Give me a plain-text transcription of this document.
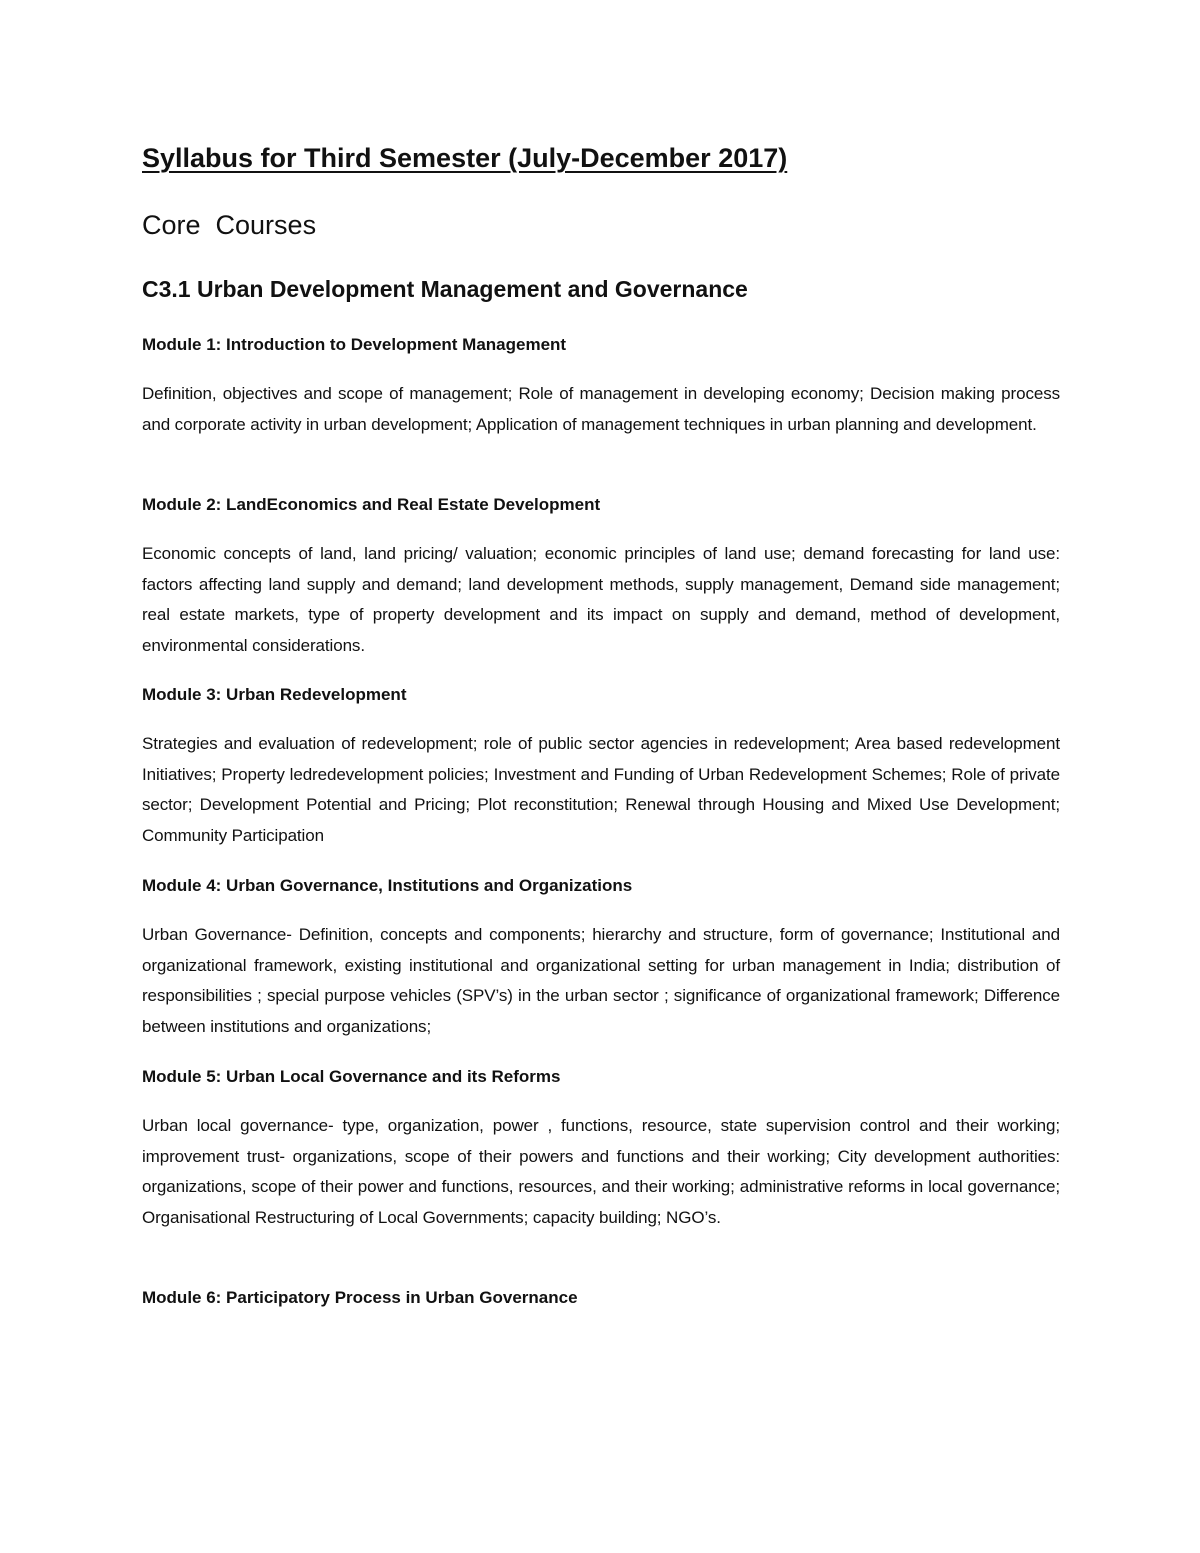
Syllabus for Third Semester (July-December 2017)
Core  Courses
C3.1 Urban Development Management and Governance
Module 1: Introduction to Development Management

Definition, objectives and scope of management; Role of management in developing economy; Decision making process and corporate activity in urban development; Application of management techniques in urban planning and development.

Module 2: LandEconomics and Real Estate Development

Economic concepts of land, land pricing/ valuation; economic principles of land use; demand forecasting for land use: factors affecting land supply and demand; land development methods, supply management, Demand side management; real estate markets, type of property development and its impact on supply and demand, method of development, environmental considerations.

Module 3: Urban Redevelopment

Strategies and evaluation of redevelopment; role of public sector agencies in redevelopment; Area based redevelopment Initiatives; Property ledredevelopment policies; Investment and Funding of Urban Redevelopment Schemes; Role of private sector; Development Potential and Pricing; Plot reconstitution; Renewal through Housing and Mixed Use Development; Community Participation

Module 4: Urban Governance, Institutions and Organizations

Urban Governance- Definition, concepts and components; hierarchy and structure, form of governance; Institutional and organizational framework, existing institutional and organizational setting for urban management in India; distribution of responsibilities ; special purpose vehicles (SPV’s) in the urban sector ; significance of organizational framework; Difference between institutions and organizations;

Module 5: Urban Local Governance and its Reforms

Urban local governance- type, organization, power , functions, resource, state supervision control and their working; improvement trust- organizations, scope of their powers and functions and their working; City development authorities: organizations, scope of their power and functions, resources, and their working; administrative reforms in local governance; Organisational Restructuring of Local Governments; capacity building; NGO’s.

Module 6: Participatory Process in Urban Governance
